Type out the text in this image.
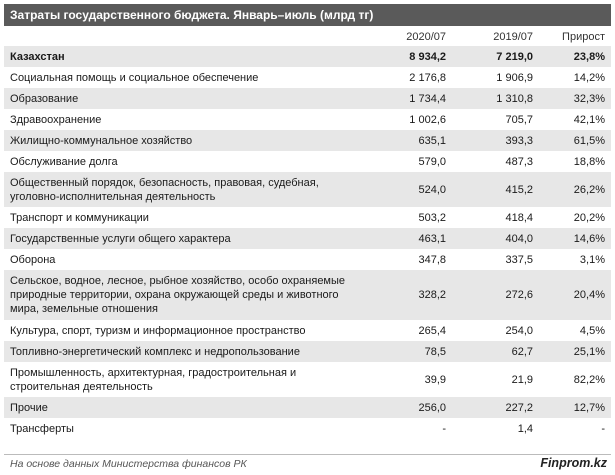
Затраты государственного бюджета. Январь–июль (млрд тг)
	2020/07	2019/07	Прирост
Казахстан	8 934,2	7 219,0	23,8%
Социальная помощь и социальное обеспечение	2 176,8	1 906,9	14,2%
Образование	1 734,4	1 310,8	32,3%
Здравоохранение	1 002,6	705,7	42,1%
Жилищно-коммунальное хозяйство	635,1	393,3	61,5%
Обслуживание долга	579,0	487,3	18,8%
Общественный порядок, безопасность, правовая, судебная, уголовно-исполнительная деятельность	524,0	415,2	26,2%
Транспорт и коммуникации	503,2	418,4	20,2%
Государственные услуги общего характера	463,1	404,0	14,6%
Оборона	347,8	337,5	3,1%
Сельское, водное, лесное, рыбное хозяйство, особо охраняемые природные территории, охрана окружающей среды и животного мира, земельные отношения	328,2	272,6	20,4%
Культура, спорт, туризм и информационное пространство	265,4	254,0	4,5%
Топливно-энергетический комплекс и недропользование	78,5	62,7	25,1%
Промышленность, архитектурная, градостроительная и строительная деятельность	39,9	21,9	82,2%
Прочие	256,0	227,2	12,7%
Трансферты	-	1,4	-
На основе данных Министерства финансов РК	Finprom.kz
